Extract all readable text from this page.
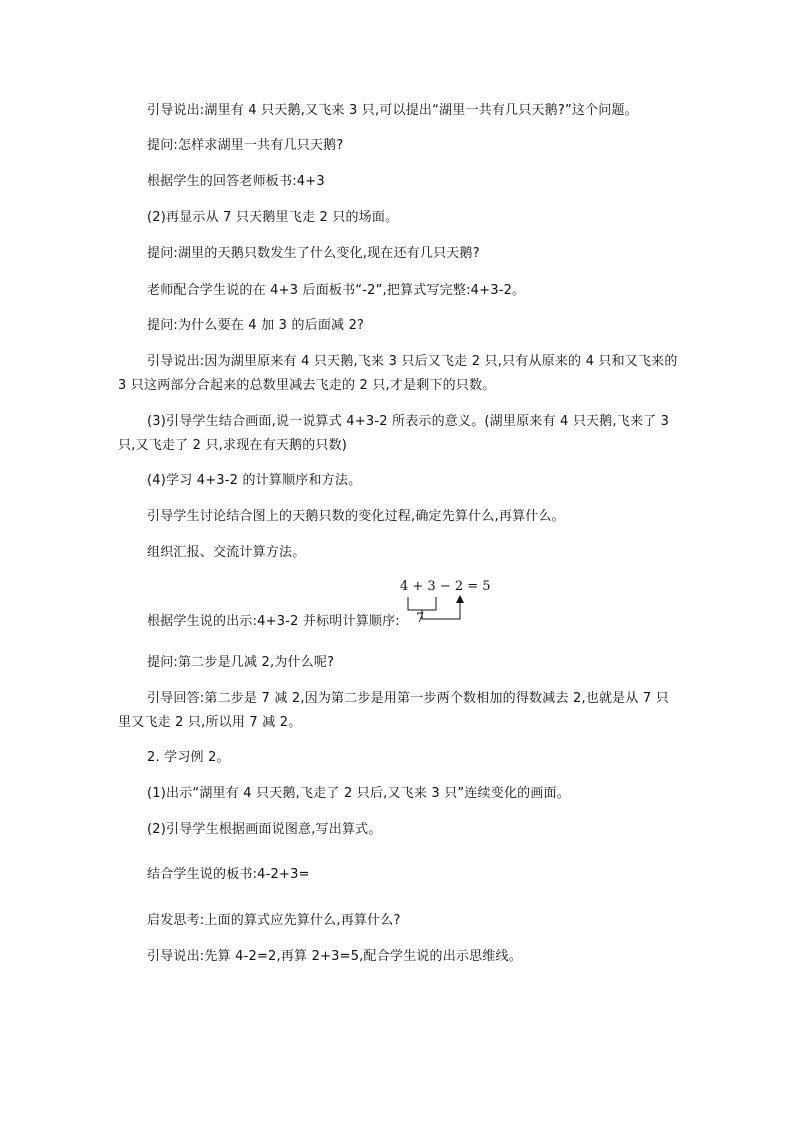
引导说出:湖里有 4 只天鹅,又飞来 3 只,可以提出“湖里一共有几只天鹅?”这个问题。
提问:怎样求湖里一共有几只天鹅?
根据学生的回答老师板书:4+3
(2)再显示从 7 只天鹅里飞走 2 只的场面。
提问:湖里的天鹅只数发生了什么变化,现在还有几只天鹅?
老师配合学生说的在 4+3 后面板书“-2”,把算式写完整:4+3-2。
提问:为什么要在 4 加 3 的后面减 2?
引导说出:因为湖里原来有 4 只天鹅,飞来 3 只后又飞走 2 只,只有从原来的 4 只和又飞来的 3 只这两部分合起来的总数里减去飞走的 2 只,才是剩下的只数。
(3)引导学生结合画面,说一说算式 4+3-2 所表示的意义。(湖里原来有 4 只天鹅,飞来了 3 只,又飞走了 2 只,求现在有天鹅的只数)
(4)学习 4+3-2 的计算顺序和方法。
引导学生讨论结合图上的天鹅只数的变化过程,确定先算什么,再算什么。
组织汇报、交流计算方法。
4 + 3 − 2 = 5
7
根据学生说的出示:4+3-2 并标明计算顺序:
提问:第二步是几减 2,为什么呢?
引导回答:第二步是 7 减 2,因为第二步是用第一步两个数相加的得数减去 2,也就是从 7 只里又飞走 2 只,所以用 7 减 2。
2. 学习例 2。
(1)出示“湖里有 4 只天鹅,飞走了 2 只后,又飞来 3 只”连续变化的画面。
(2)引导学生根据画面说图意,写出算式。
结合学生说的板书:4-2+3=
启发思考:上面的算式应先算什么,再算什么?
引导说出:先算 4-2=2,再算 2+3=5,配合学生说的出示思维线。
